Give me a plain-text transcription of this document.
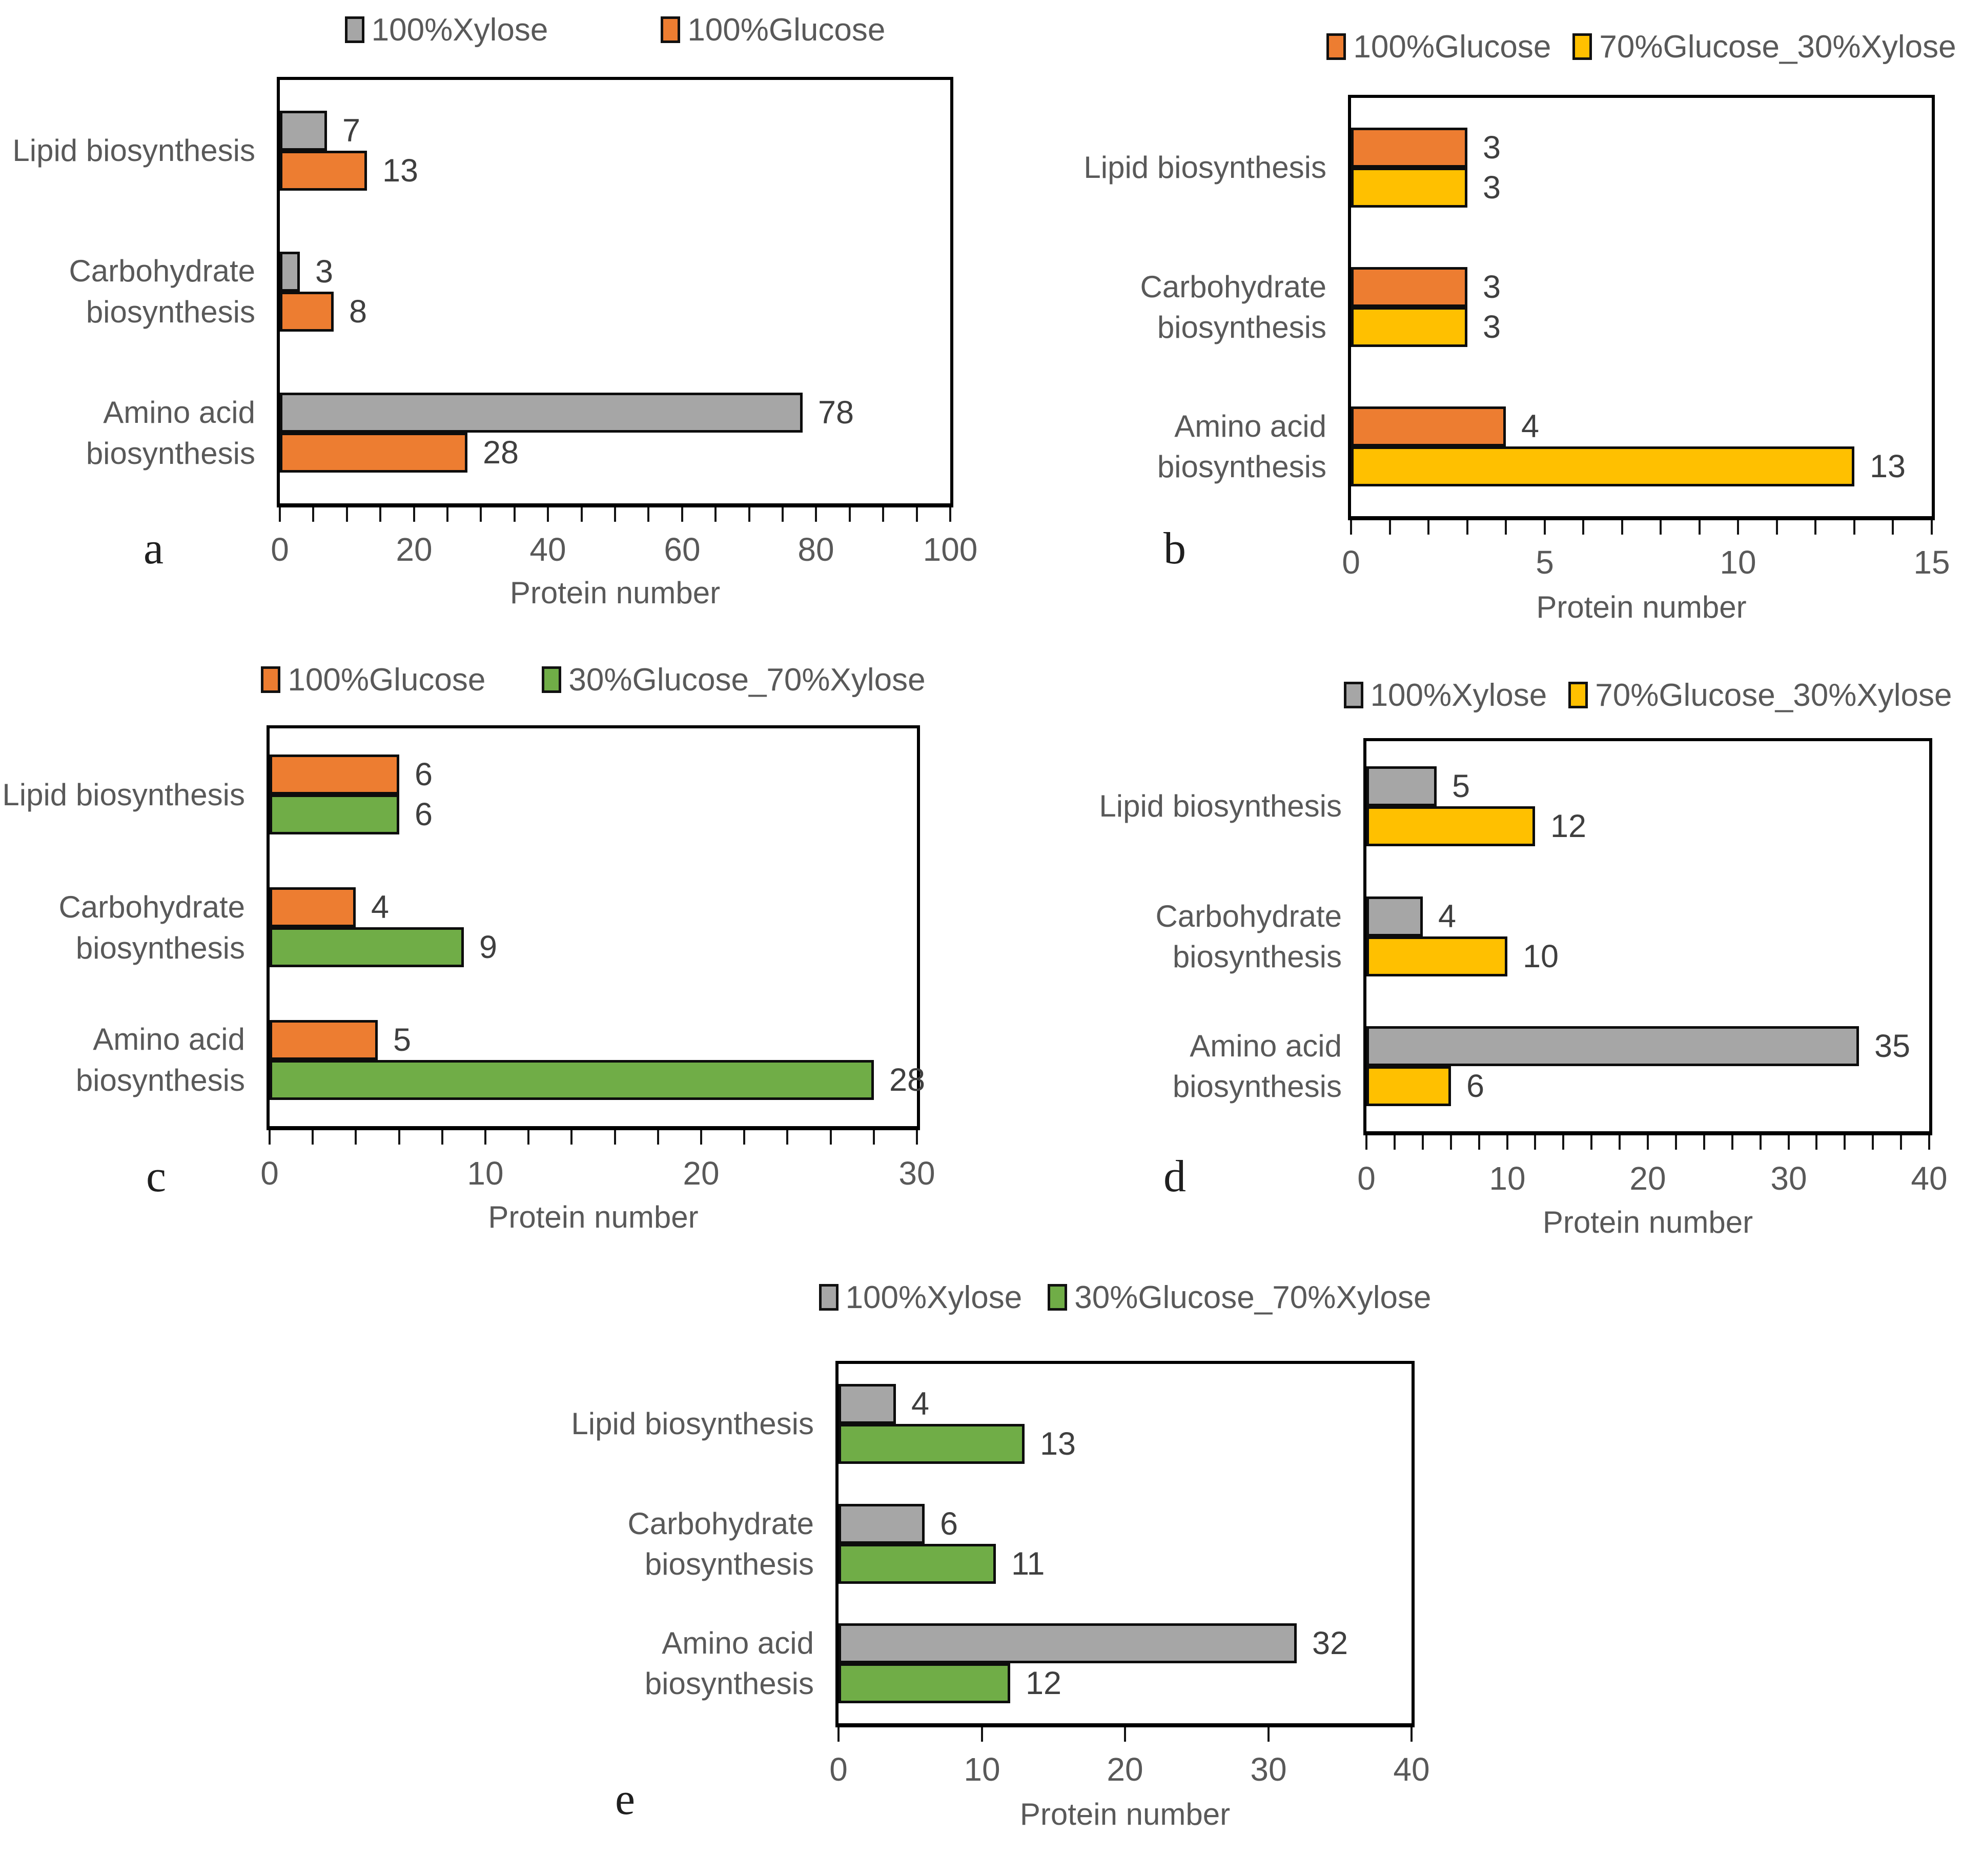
100%Xylose	100%Glucose
7
13
3
8
78
28
Lipid biosynthesis
Carbohydrate
biosynthesis
Amino acid
biosynthesis
0	20	40	60	80	100
Protein number
a
100%Glucose 70%Glucose_30%Xylose
3
3
3
3
4
13
Lipid biosynthesis
Carbohydrate
biosynthesis
Amino acid
biosynthesis
0	5	10	15
Protein number
b
100%Glucose	30%Glucose_70%Xylose
6
6
4
9
5
28
Lipid biosynthesis
Carbohydrate
biosynthesis
Amino acid
biosynthesis
0	10	20	30
Protein number
c
100%Xylose 70%Glucose_30%Xylose
5
12
4
10
35
6
Lipid biosynthesis
Carbohydrate
biosynthesis
Amino acid
biosynthesis
0	10	20	30	40
Protein number
d
100%Xylose 30%Glucose_70%Xylose
4
13
6
11
32
12
Lipid biosynthesis
Carbohydrate
biosynthesis
Amino acid
biosynthesis
0	10	20	30	40
Protein number
e
